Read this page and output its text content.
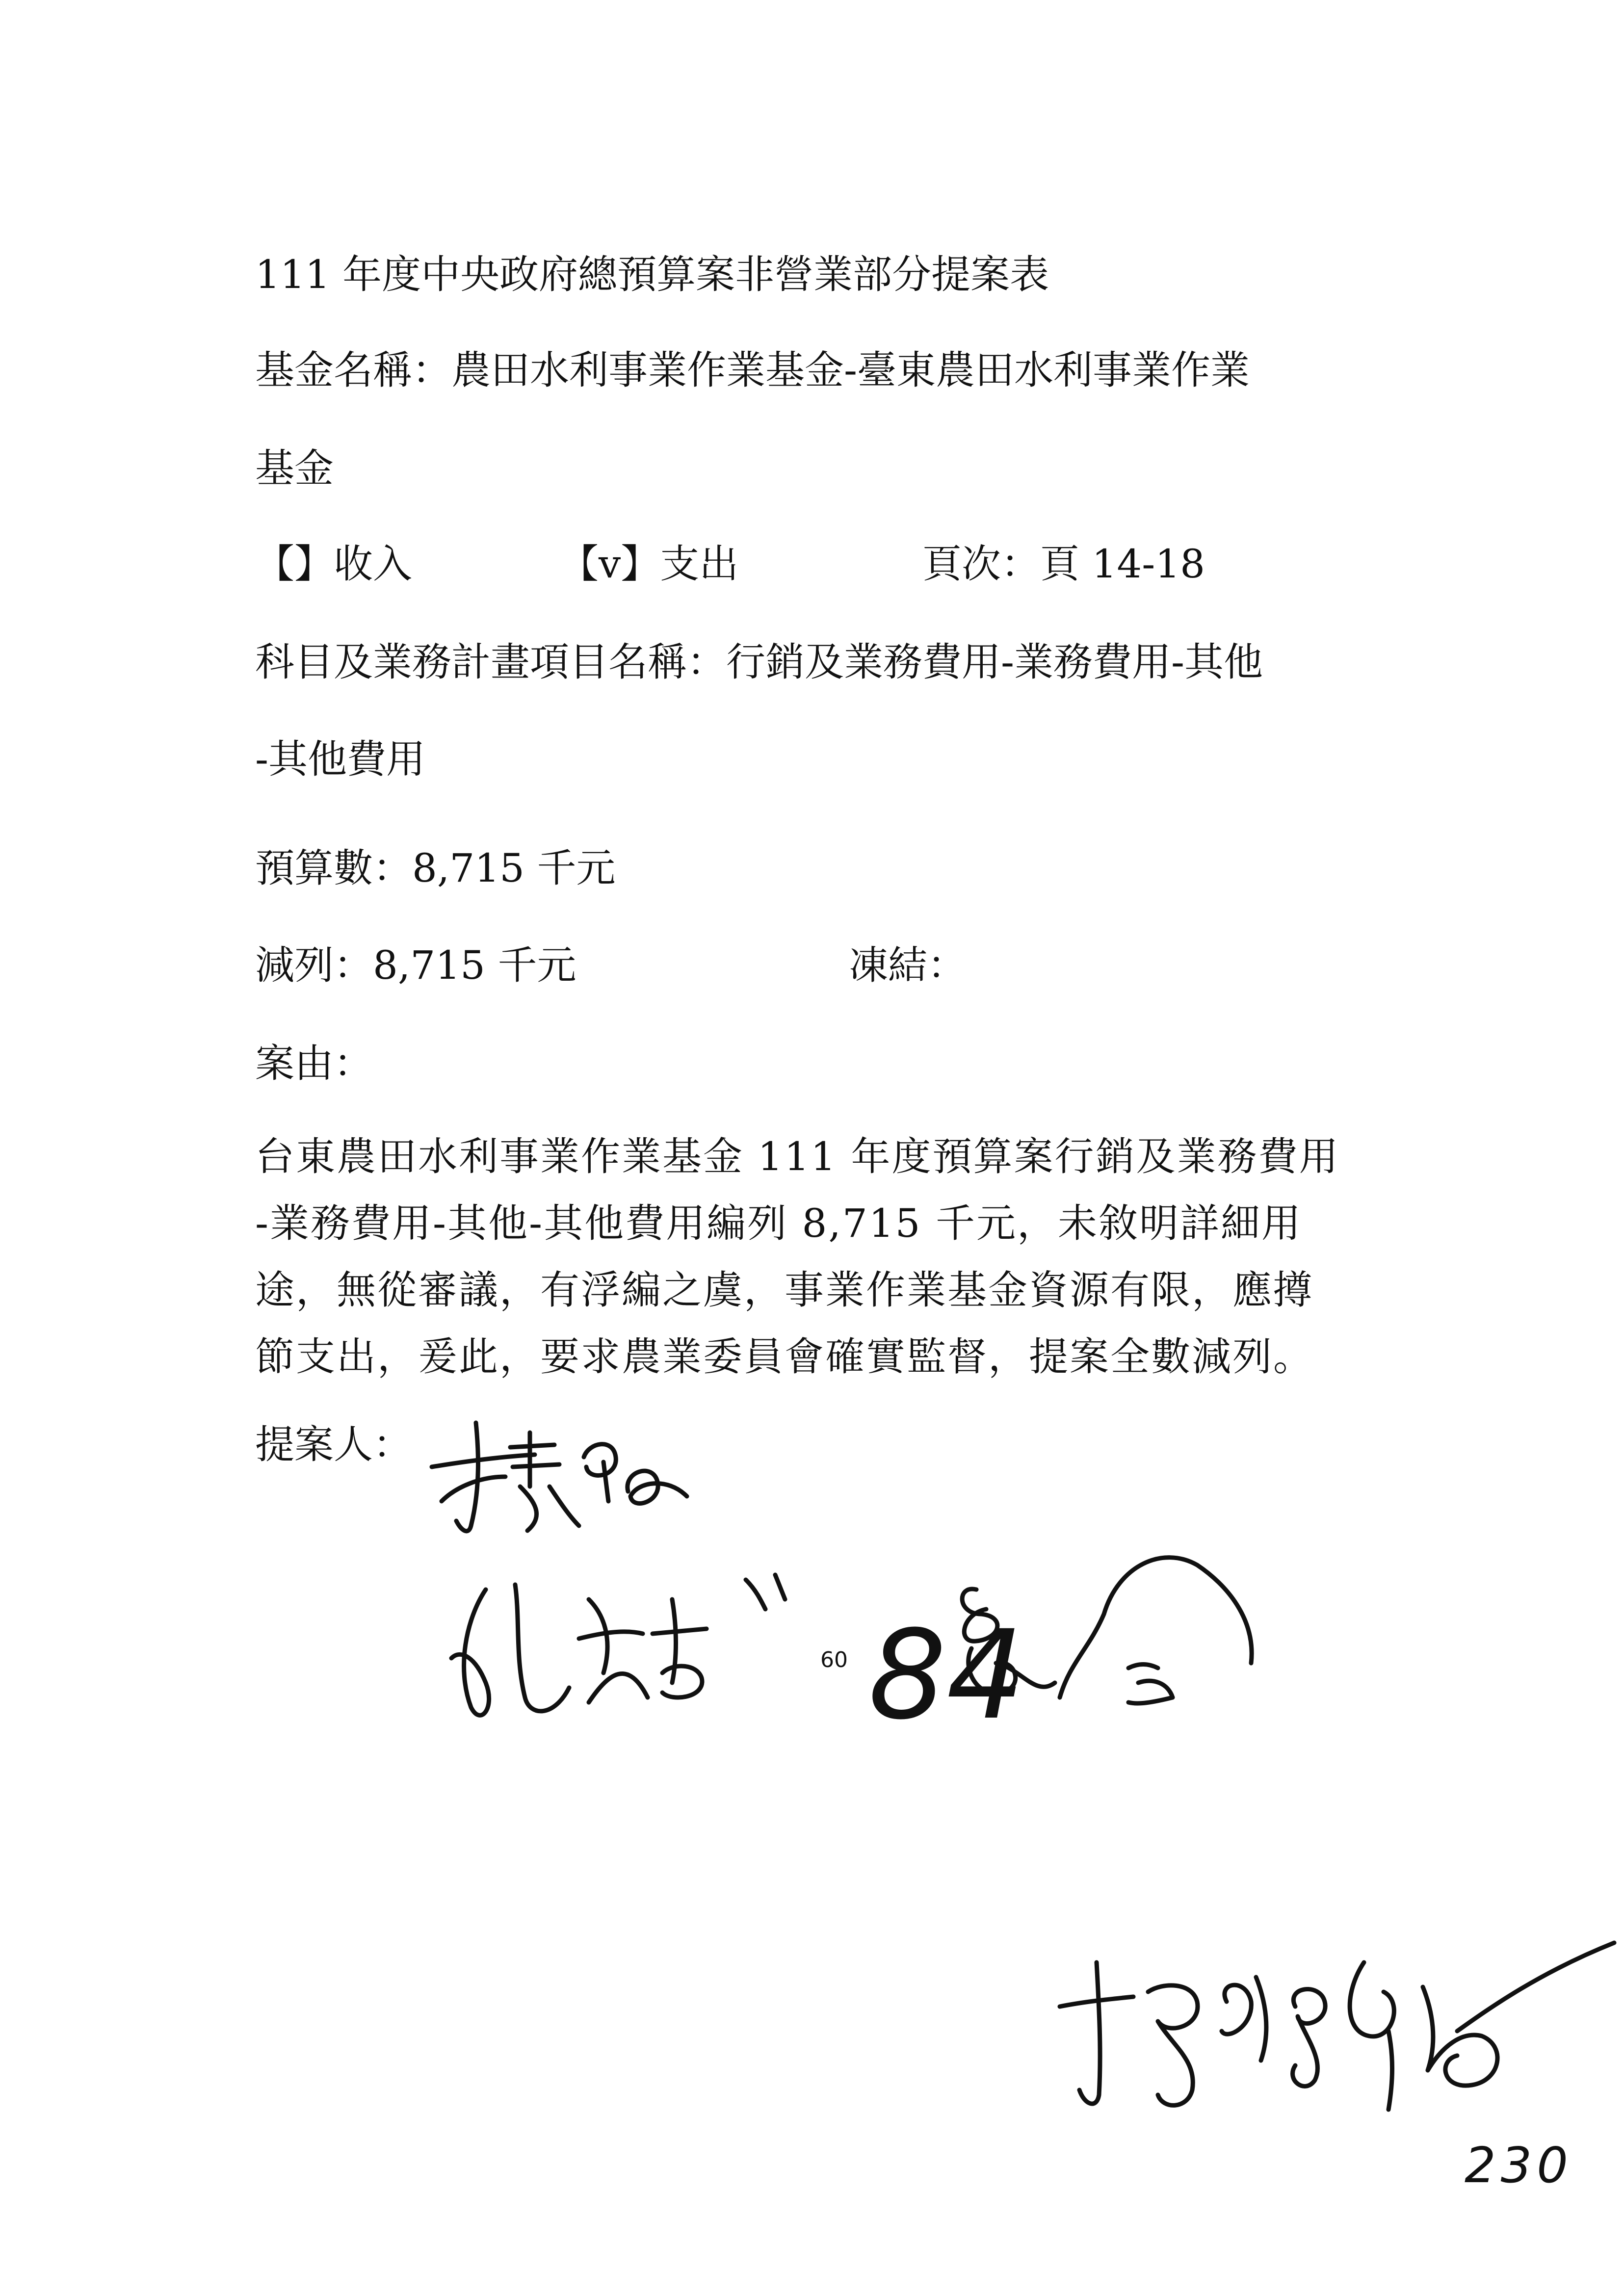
111 年度中央政府總預算案非營業部分提案表
基金名稱：農田水利事業作業基金-臺東農田水利事業作業
基金
【】收入	【v】支出	頁次：頁 14-18
科目及業務計畫項目名稱：行銷及業務費用-業務費用-其他
-其他費用
預算數：8,715 千元
減列：8,715 千元	凍結：
案由：
台東農田水利事業作業基金 111 年度預算案行銷及業務費用
-業務費用-其他-其他費用編列 8,715 千元，未敘明詳細用
途，無從審議，有浮編之虞，事業作業基金資源有限，應撙
節支出，爰此，要求農業委員會確實監督，提案全數減列。
提案人：
60 84
230
